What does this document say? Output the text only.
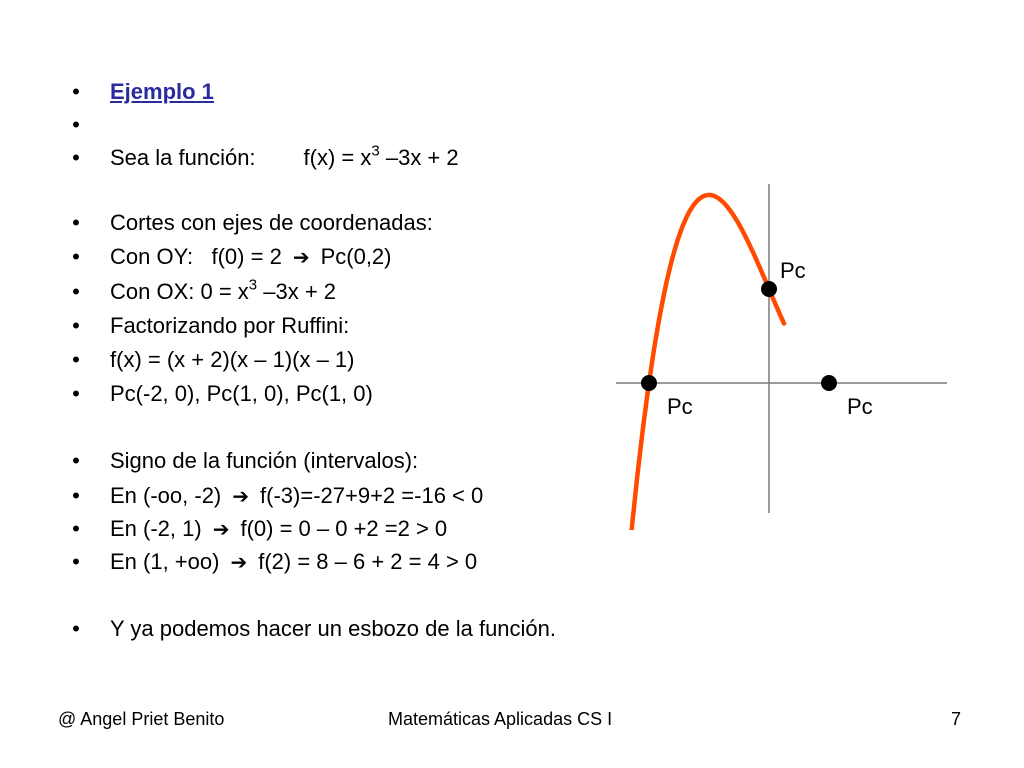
• Ejemplo 1
•
• Sea la función: $f(x) = x^3$ –3x + 2
• Cortes con ejes de coordenadas:
• Con OY:   f(0) = 2 ➔ Pc(0,2)
• Con OX: $0 = x^3$ –3x + 2
• Factorizando por Ruffini:
• f(x) = (x + 2)(x – 1)(x – 1)
• Pc(-2, 0), Pc(1, 0), Pc(1, 0)
• Signo de la función (intervalos):
• En (-oo, -2) ➔ f(-3)=-27+9+2 =-16 < 0
• En (-2, 1) ➔ f(0) = 0 – 0 +2 =2 > 0
• En (1, +oo) ➔ f(2) = 8 – 6 + 2 = 4 > 0
• Y ya podemos hacer un esbozo de la función.
Pc
Pc	Pc
@ Angel Priet Benito	Matemáticas Aplicadas CS I	7
